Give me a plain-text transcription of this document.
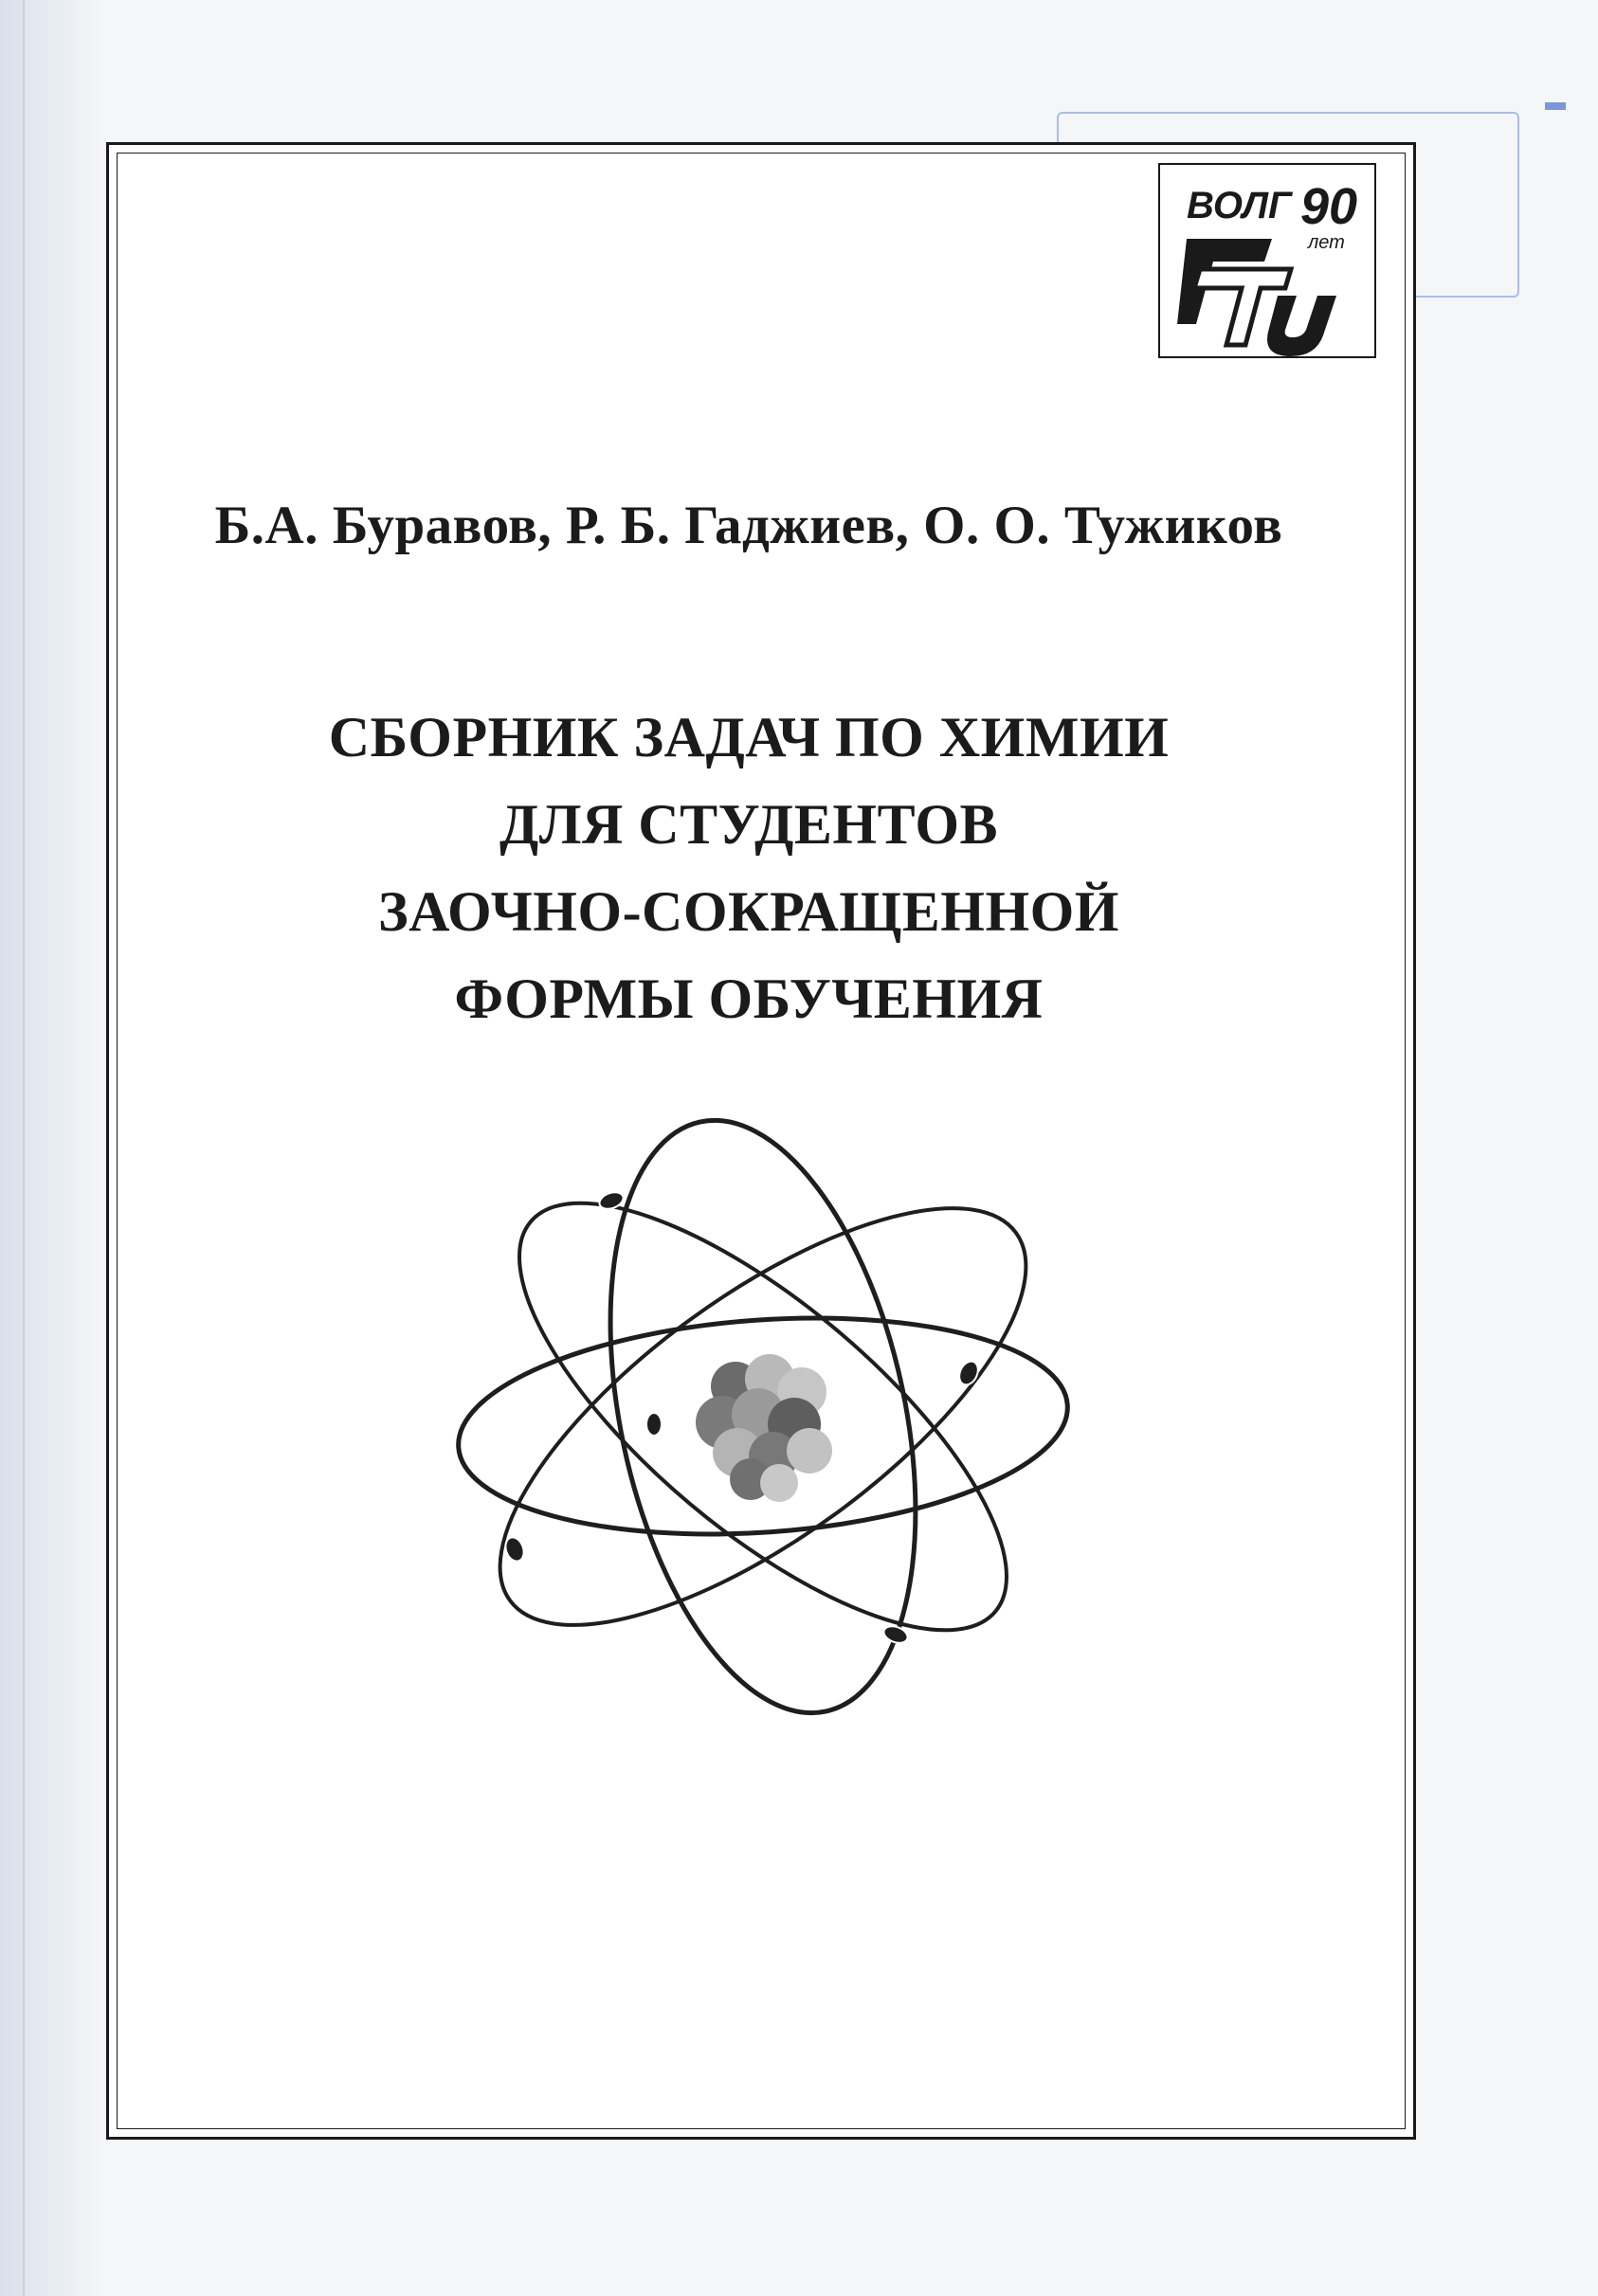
ВОЛГ 90
лет
Б.А. Буравов, Р. Б. Гаджиев, О. О. Тужиков
СБОРНИК ЗАДАЧ ПО ХИМИИ
ДЛЯ СТУДЕНТОВ
ЗАОЧНО-СОКРАЩЕННОЙ
ФОРМЫ ОБУЧЕНИЯ
